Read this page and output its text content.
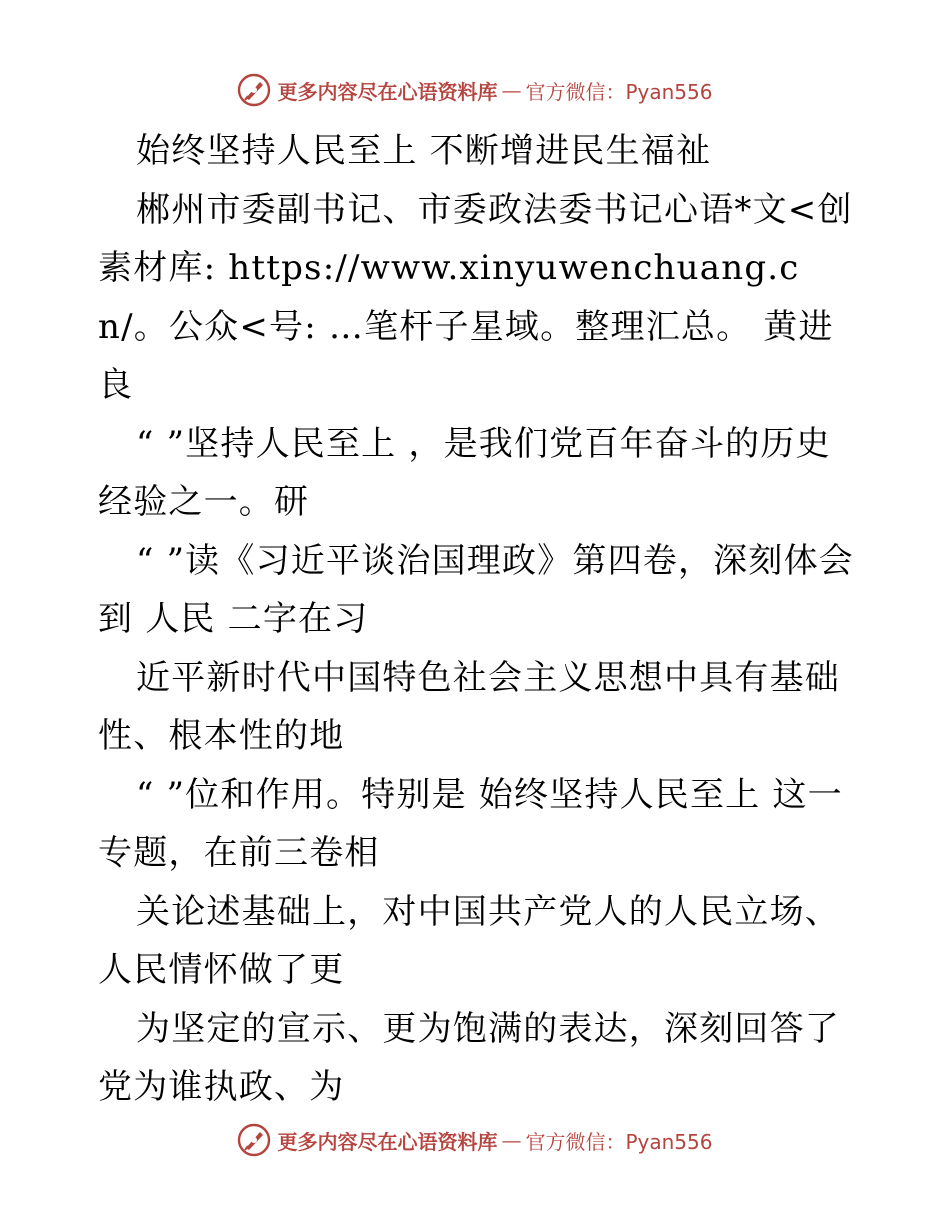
更多内容尽在心语资料库 — 官方微信：Pyan556

始终坚持人民至上 不断增进民生福祉

郴州市委副书记、市委政法委书记心语*文<创素材库: https://www.xinyuwenchuang.cn/。公众<号: …笔杆子星域。整理汇总。 黄进良

“ ”坚持人民至上 ，是我们党百年奋斗的历史经验之一。研

“ ”读《习近平谈治国理政》第四卷，深刻体会到 人民 二字在习

近平新时代中国特色社会主义思想中具有基础性、根本性的地

“ ”位和作用。特别是 始终坚持人民至上 这一专题，在前三卷相

关论述基础上，对中国共产党人的人民立场、人民情怀做了更

为坚定的宣示、更为饱满的表达，深刻回答了党为谁执政、为

更多内容尽在心语资料库 — 官方微信：Pyan556
